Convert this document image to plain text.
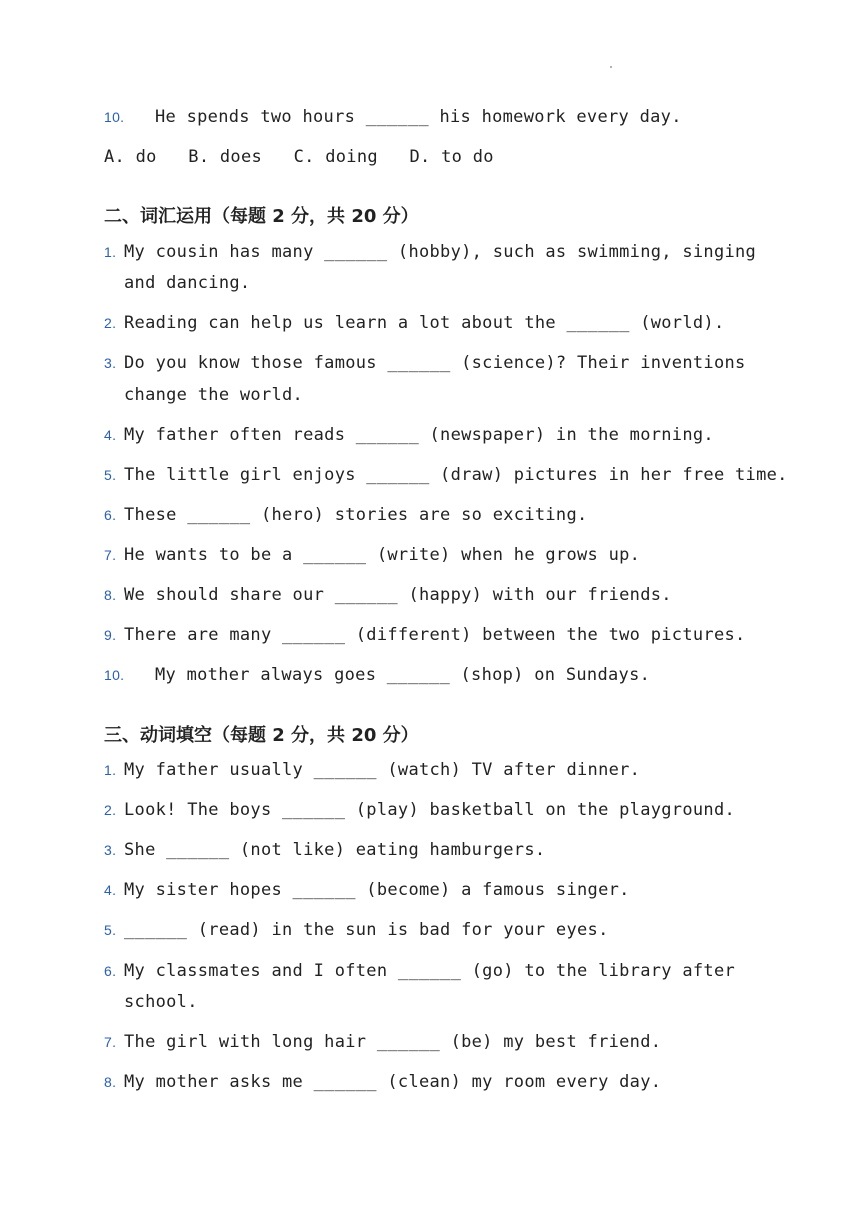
10. He spends two hours ______ his homework every day.
A. do   B. does   C. doing   D. to do
二、词汇运用（每题 2 分，共 20 分）
1. My cousin has many ______ (hobby), such as swimming, singing
and dancing.
2. Reading can help us learn a lot about the ______ (world).
3. Do you know those famous ______ (science)? Their inventions
change the world.
4. My father often reads ______ (newspaper) in the morning.
5. The little girl enjoys ______ (draw) pictures in her free time.
6. These ______ (hero) stories are so exciting.
7. He wants to be a ______ (write) when he grows up.
8. We should share our ______ (happy) with our friends.
9. There are many ______ (different) between the two pictures.
10. My mother always goes ______ (shop) on Sundays.
三、动词填空（每题 2 分，共 20 分）
1. My father usually ______ (watch) TV after dinner.
2. Look! The boys ______ (play) basketball on the playground.
3. She ______ (not like) eating hamburgers.
4. My sister hopes ______ (become) a famous singer.
5. ______ (read) in the sun is bad for your eyes.
6. My classmates and I often ______ (go) to the library after
school.
7. The girl with long hair ______ (be) my best friend.
8. My mother asks me ______ (clean) my room every day.
